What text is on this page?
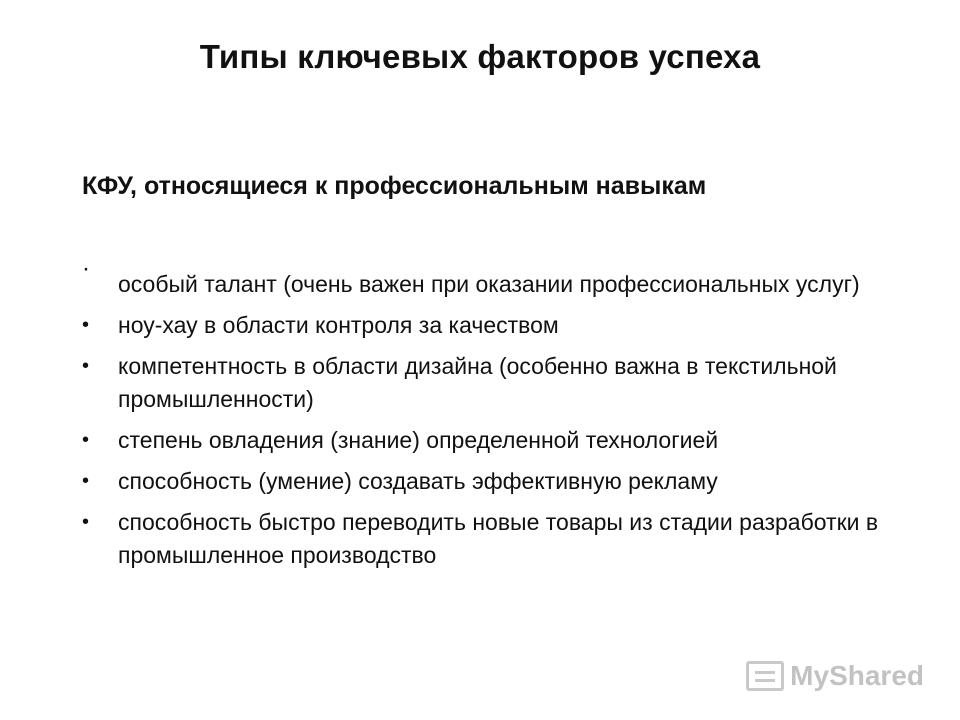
Типы ключевых факторов успеха
КФУ, относящиеся к профессиональным навыкам
·
особый талант (очень важен при оказании профессиональных услуг)
•	ноу-хау в области контроля за качеством
•	компетентность в области дизайна (особенно важна в текстильной промышленности)
•	степень овладения (знание) определенной технологией
•	способность (умение) создавать эффективную рекламу
•	способность быстро переводить новые товары из стадии разработки в промышленное производство
MyShared
